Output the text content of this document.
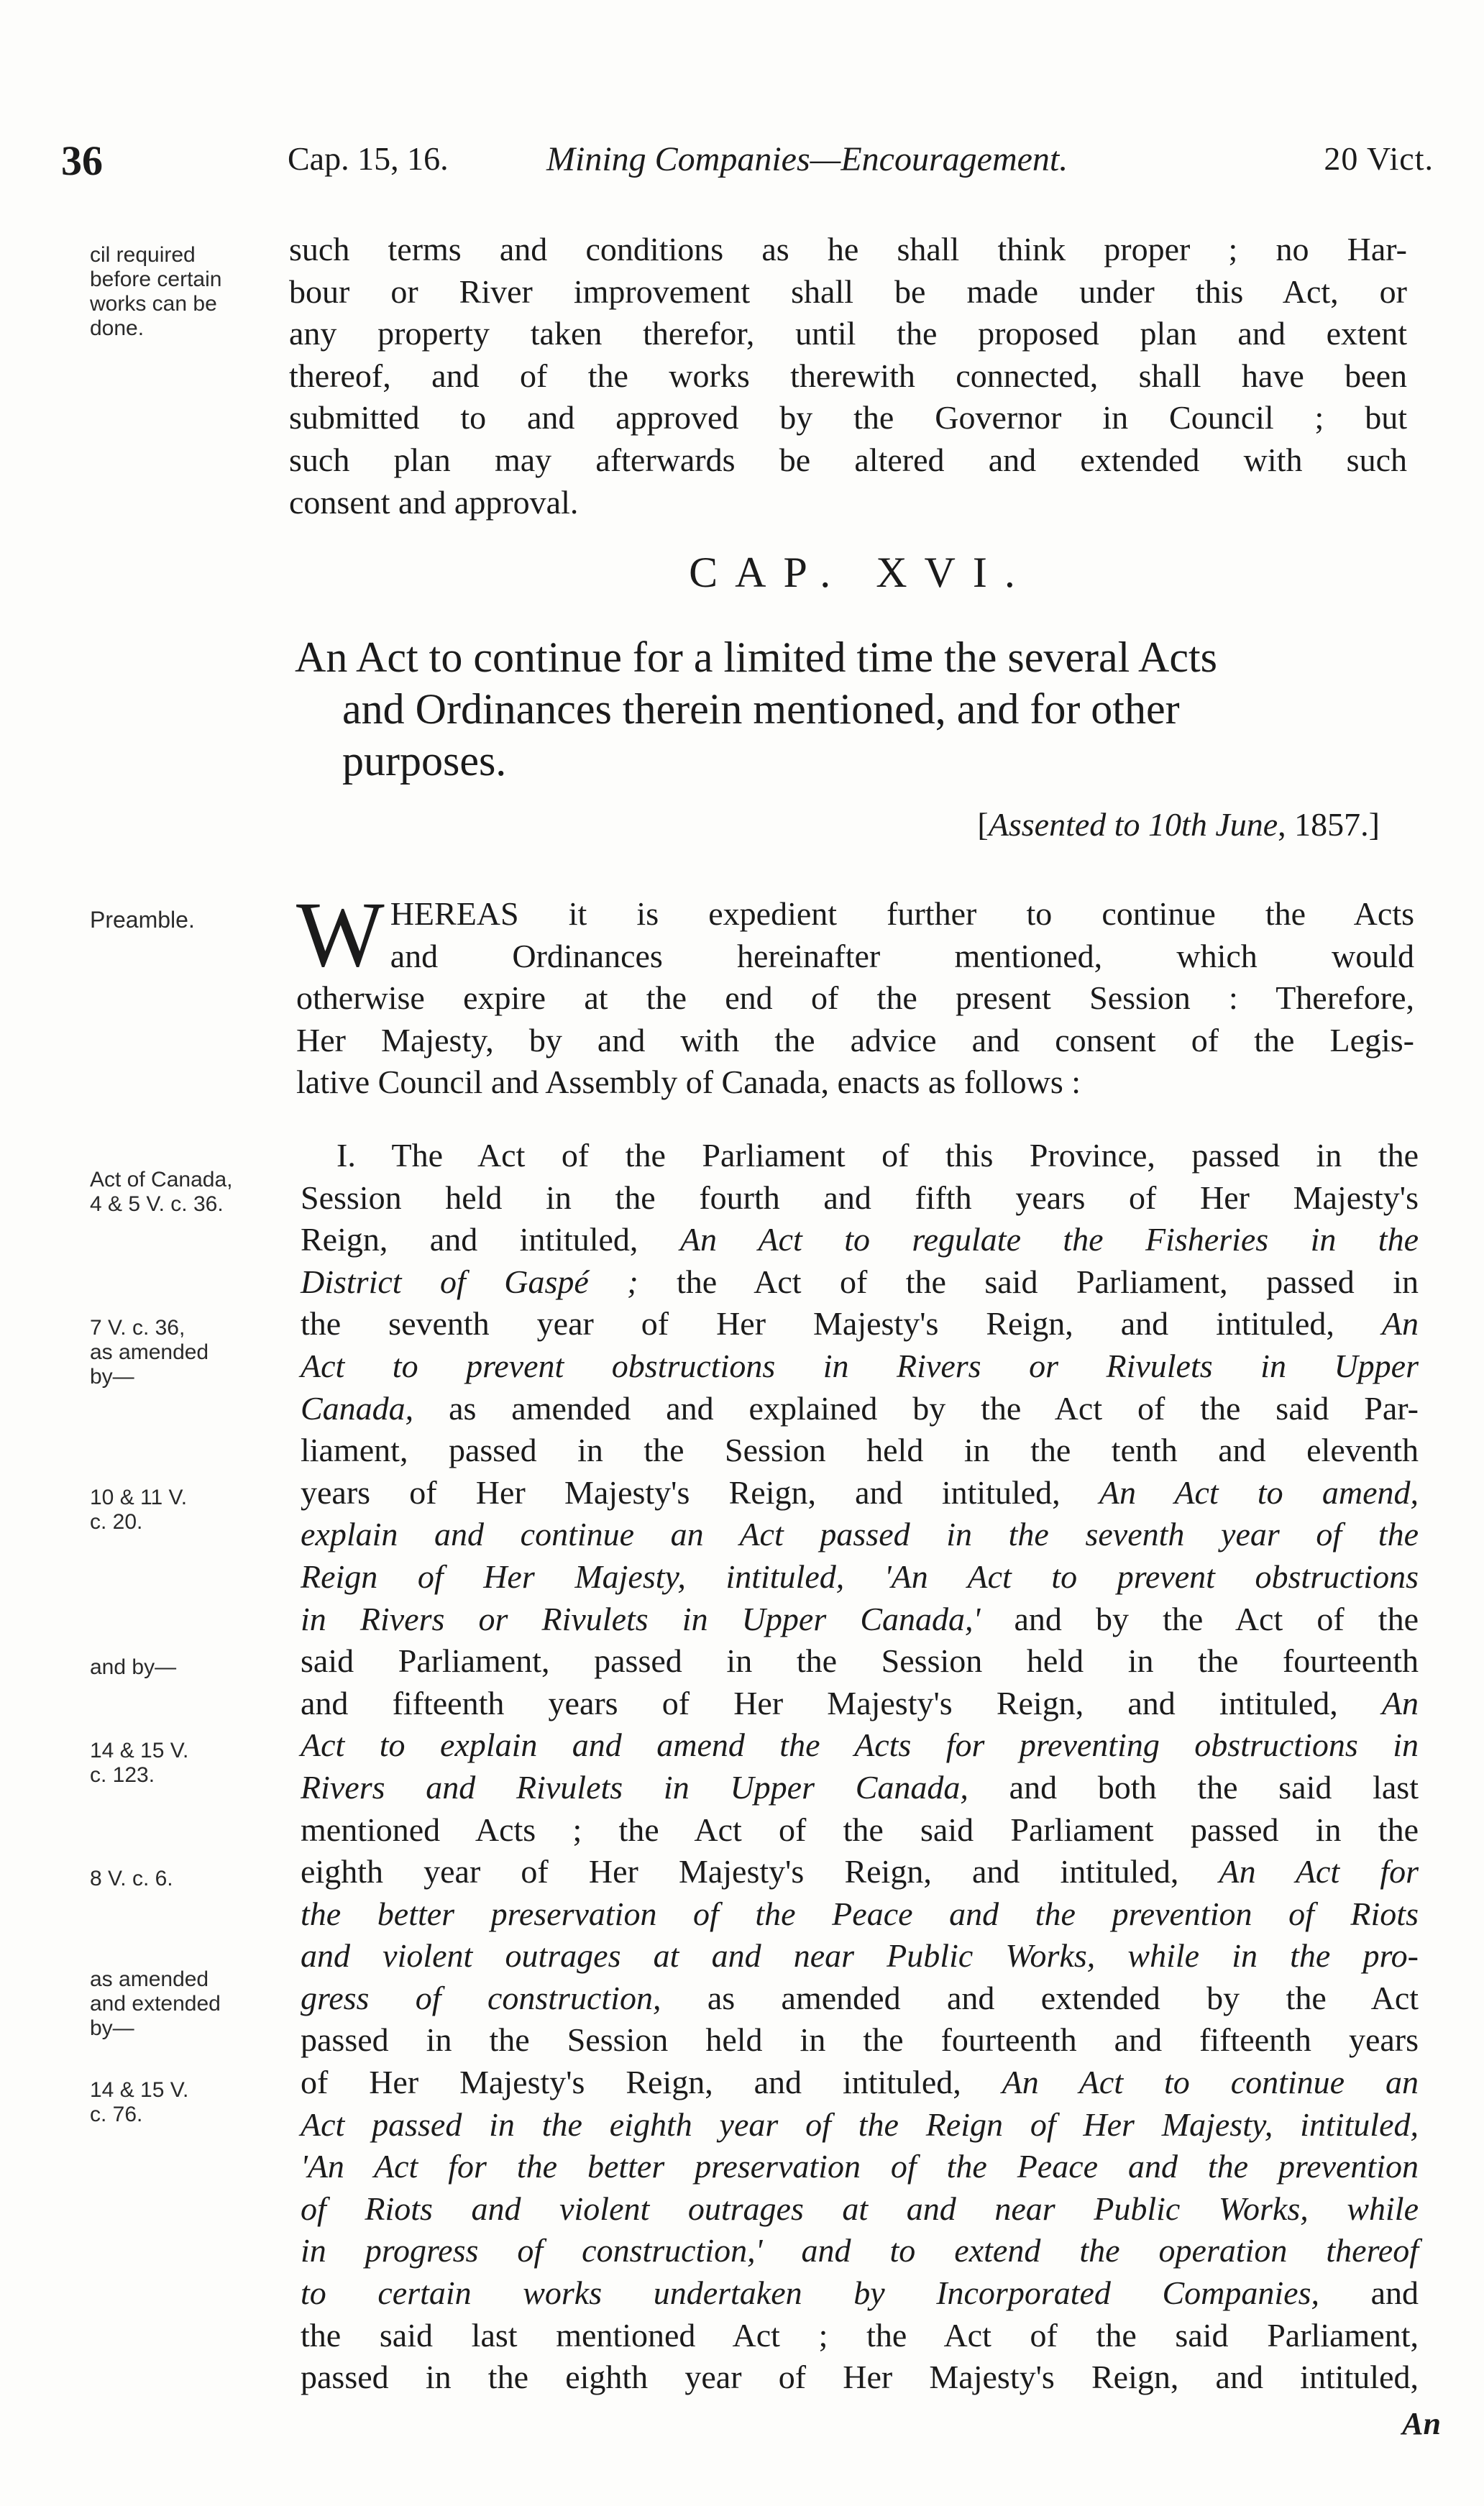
36	Cap. 15, 16.	Mining Companies—Encouragement.	20 Vict.
cil required
before certain
works can be
done.
Preamble.
Act of Canada,
4 & 5 V. c. 36.
7 V. c. 36,
as amended
by—
10 & 11 V.
c. 20.
and by—
14 & 15 V.
c. 123.
8 V. c. 6.
as amended
and extended
by—
14 & 15 V.
c. 76.
such terms and conditions as he shall think proper ; no Har-
bour or River improvement shall be made under this Act, or
any property taken therefor, until the proposed plan and extent
thereof, and of the works therewith connected, shall have been
submitted to and approved by the Governor in Council ; but
such plan may afterwards be altered and extended with such
consent and approval.
CAP. XVI.
An Act to continue for a limited time the several Acts
and Ordinances therein mentioned, and for other
purposes.
[Assented to 10th June, 1857.]
W HEREAS it is expedient further to continue the Acts
and Ordinances hereinafter mentioned, which would
otherwise expire at the end of the present Session : Therefore,
Her Majesty, by and with the advice and consent of the Legis-
lative Council and Assembly of Canada, enacts as follows :
I. The Act of the Parliament of this Province, passed in the
Session held in the fourth and fifth years of Her Majesty's
Reign, and intituled, An Act to regulate the Fisheries in the
District of Gaspé ; the Act of the said Parliament, passed in
the seventh year of Her Majesty's Reign, and intituled, An
Act to prevent obstructions in Rivers or Rivulets in Upper
Canada, as amended and explained by the Act of the said Par-
liament, passed in the Session held in the tenth and eleventh
years of Her Majesty's Reign, and intituled, An Act to amend,
explain and continue an Act passed in the seventh year of the
Reign of Her Majesty, intituled, 'An Act to prevent obstructions
in Rivers or Rivulets in Upper Canada,' and by the Act of the
said Parliament, passed in the Session held in the fourteenth
and fifteenth years of Her Majesty's Reign, and intituled, An
Act to explain and amend the Acts for preventing obstructions in
Rivers and Rivulets in Upper Canada, and both the said last
mentioned Acts ; the Act of the said Parliament passed in the
eighth year of Her Majesty's Reign, and intituled, An Act for
the better preservation of the Peace and the prevention of Riots
and violent outrages at and near Public Works, while in the pro-
gress of construction, as amended and extended by the Act
passed in the Session held in the fourteenth and fifteenth years
of Her Majesty's Reign, and intituled, An Act to continue an
Act passed in the eighth year of the Reign of Her Majesty, intituled,
'An Act for the better preservation of the Peace and the prevention
of Riots and violent outrages at and near Public Works, while
in progress of construction,' and to extend the operation thereof
to certain works undertaken by Incorporated Companies, and
the said last mentioned Act ; the Act of the said Parliament,
passed in the eighth year of Her Majesty's Reign, and intituled,
An
